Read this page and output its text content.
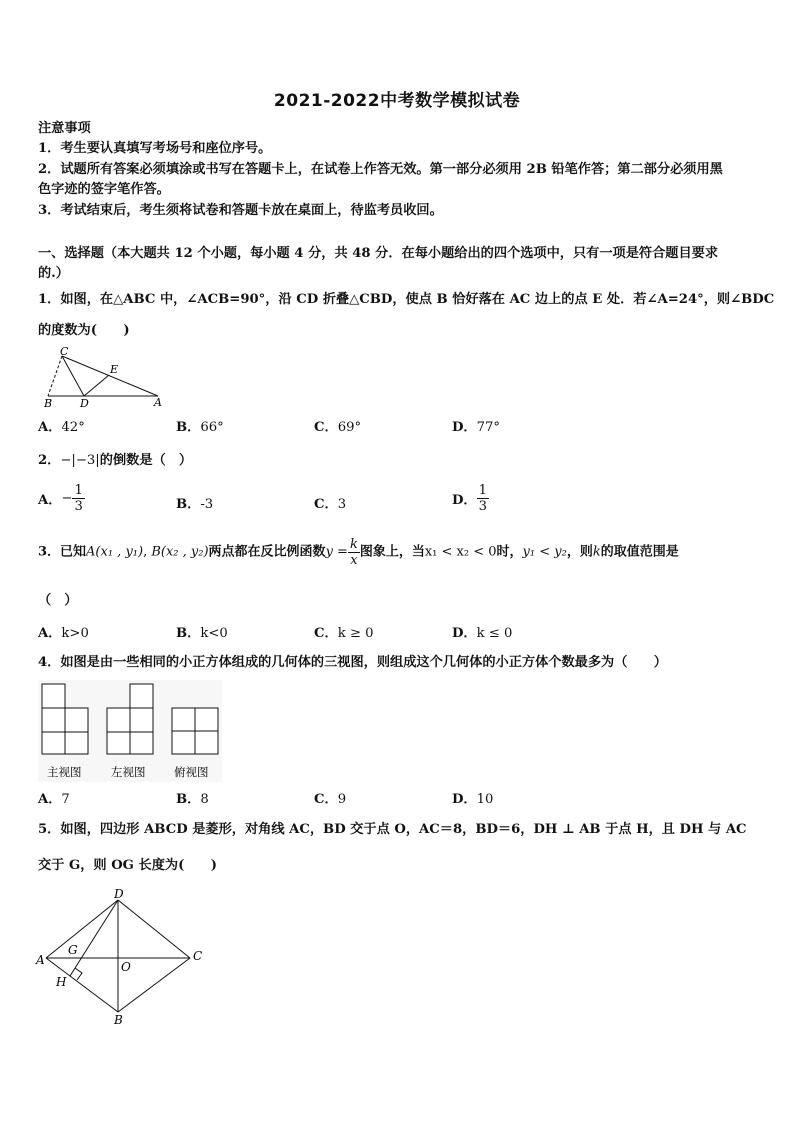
2021-2022中考数学模拟试卷
注意事项
1．考生要认真填写考场号和座位序号。
2．试题所有答案必须填涂或书写在答题卡上，在试卷上作答无效。第一部分必须用 2B 铅笔作答；第二部分必须用黑
色字迹的签字笔作答。
3．考试结束后，考生须将试卷和答题卡放在桌面上，待监考员收回。
一、选择题（本大题共 12 个小题，每小题 4 分，共 48 分．在每小题给出的四个选项中，只有一项是符合题目要求
的.）
1．如图，在△ABC 中，∠ACB=90°，沿 CD 折叠△CBD，使点 B 恰好落在 AC 边上的点 E 处．若∠A=24°，则∠BDC
的度数为(　　)
C
E
B	D	A
A．42°	B．66°	C．69°	D．77°
2．−|−3|的倒数是（　）
A．− $\frac{1}{3}$	B．-3	C．3	D． $\frac{1}{3}$
3．已知A(x₁ , y₁), B(x₂ , y₂)两点都在反比例函数$y = \frac{k}{x}$ 图象上，当x₁ < x₂ < 0时，y₁ < y₂，则k的取值范围是
（　）
A．k>0	B．k<0	C．k ≥ 0	D．k ≤ 0
4．如图是由一些相同的小正方体组成的几何体的三视图，则组成这个几何体的小正方体个数最多为（　　）
主视图	左视图 俯视图
A．7	B．8	C．9	D．10
5．如图，四边形 ABCD 是菱形，对角线 AC，BD 交于点 O，AC＝8，BD＝6，DH ⊥ AB 于点 H，且 DH 与 AC
交于 G，则 OG 长度为(　　)
D
A
G
O
C
H
B
